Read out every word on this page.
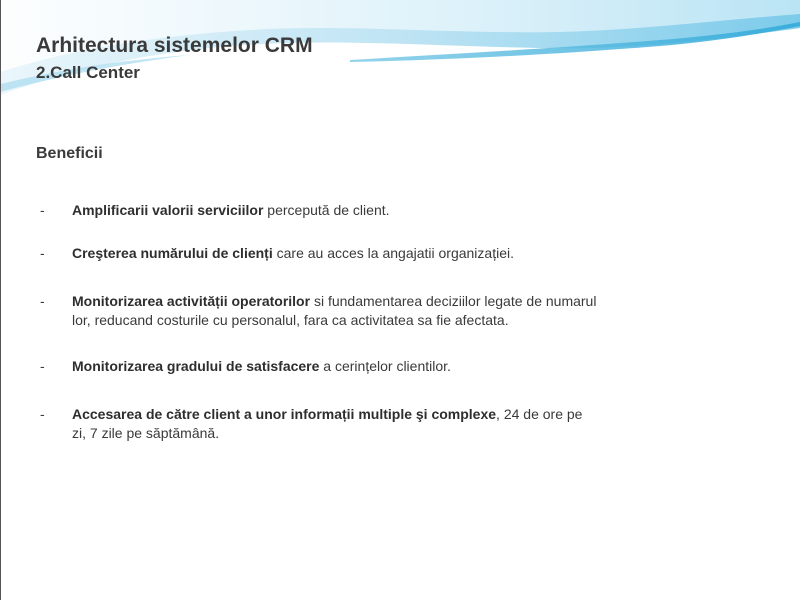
Arhitectura sistemelor CRM
2.Call Center
Beneficii
- Amplificarii valorii serviciilor percepută de client.
- Creşterea numărului de clienți care au acces la angajatii organizației.
- Monitorizarea activității operatorilor si fundamentarea deciziilor legate de numarul lor, reducand costurile cu personalul, fara ca activitatea sa fie afectata.
- Monitorizarea gradului de satisfacere a cerințelor clientilor.
- Accesarea de către client a unor informații multiple şi complexe, 24 de ore pe zi, 7 zile pe săptămână.
